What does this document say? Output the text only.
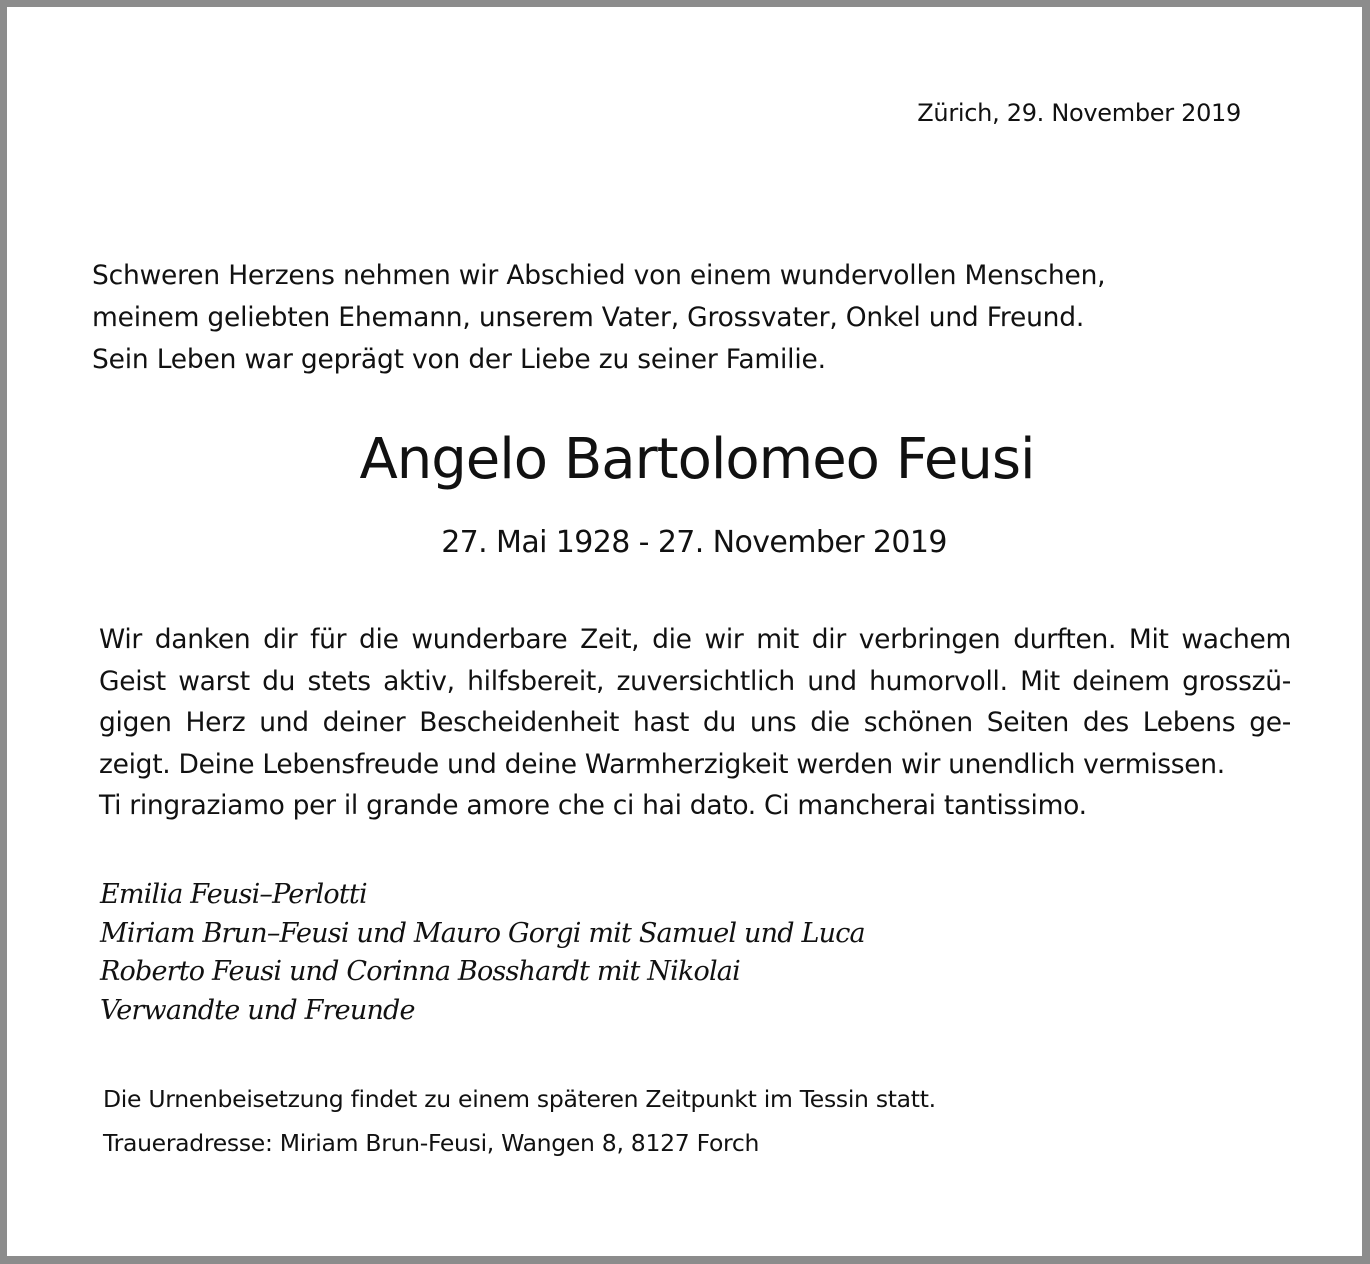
Zürich, 29. November 2019

Schweren Herzens nehmen wir Abschied von einem wundervollen Menschen,
meinem geliebten Ehemann, unserem Vater, Grossvater, Onkel und Freund.
Sein Leben war geprägt von der Liebe zu seiner Familie.
Angelo Bartolomeo Feusi

27. Mai 1928 - 27. November 2019

Wir danken dir für die wunderbare Zeit, die wir mit dir verbringen durften. Mit wachem
Geist warst du stets aktiv, hilfsbereit, zuversichtlich und humorvoll. Mit deinem grosszü-
gigen Herz und deiner Bescheidenheit hast du uns die schönen Seiten des Lebens ge-
zeigt. Deine Lebensfreude und deine Warmherzigkeit werden wir unendlich vermissen.
Ti ringraziamo per il grande amore che ci hai dato. Ci mancherai tantissimo.
Emilia Feusi–Perlotti
Miriam Brun–Feusi und Mauro Gorgi mit Samuel und Luca
Roberto Feusi und Corinna Bosshardt mit Nikolai
Verwandte und Freunde
Die Urnenbeisetzung findet zu einem späteren Zeitpunkt im Tessin statt.
Traueradresse: Miriam Brun-Feusi, Wangen 8, 8127 Forch
